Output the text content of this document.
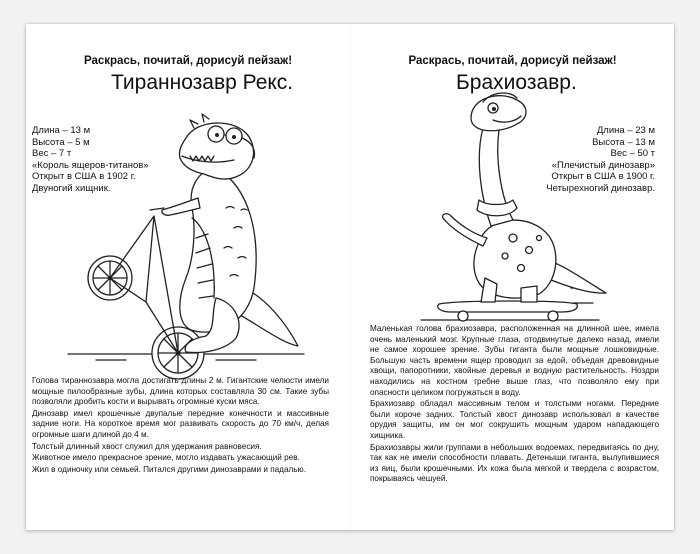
Раскрась, почитай, дорисуй пейзаж!
Тираннозавр Рекс.
Длина – 13 м
Высота – 5 м
Вес – 7 т
«Король ящеров-титанов»
Открыт в США в 1902 г.
Двуногий хищник.

Голова тираннозавра могла достигать длины 2 м. Гигантские челюсти имели мощные пилообразные зубы, длина которых составляла 30 см. Такие зубы позволяли дробить кости и вырывать огромные куски мяса.

Динозавр имел крошечные двупалые передние конечности и массивные задние ноги. На короткое время мог развивать скорость до 70 км/ч, делая огромные шаги длиной до 4 м.

Толстый длинный хвост служил для удержания равновесия.

Животное имело прекрасное зрение, могло издавать ужасающий рев.

Жил в одиночку или семьей. Питался другими динозаврами и падалью.

Раскрась, почитай, дорисуй пейзаж!
Брахиозавр.
Длина – 23 м
Высота – 13 м
Вес – 50 т
«Плечистый динозавр»
Открыт в США в 1900 г.
Четырехногий динозавр.

Маленькая голова брахиозавра, расположенная на длинной шее, имела очень маленький мозг. Крупные глаза, отодвинутые далеко назад, имели не самое хорошее зрение. Зубы гиганта были мощные лошковидные. Большую часть времени ящер проводил за едой, объедая древовидные хвощи, папоротники, хвойные деревья и водную растительность. Ноздри находились на костном гребне выше глаз, что позволяло ему при опасности целиком погружаться в воду.

Брахиозавр обладал массивным телом и толстыми ногами. Передние были короче задних. Толстый хвост динозавр использовал в качестве орудия защиты, им он мог сокрушить мощным ударом нападающего хищника.

Брахиозавры жили группами в небольших водоемах, передвигаясь по дну, так как не имели способности плавать. Детеныши гиганта, вылупившиеся из яиц, были крошечными. Их кожа была мягкой и твердела с возрастом, покрываясь чешуей.
